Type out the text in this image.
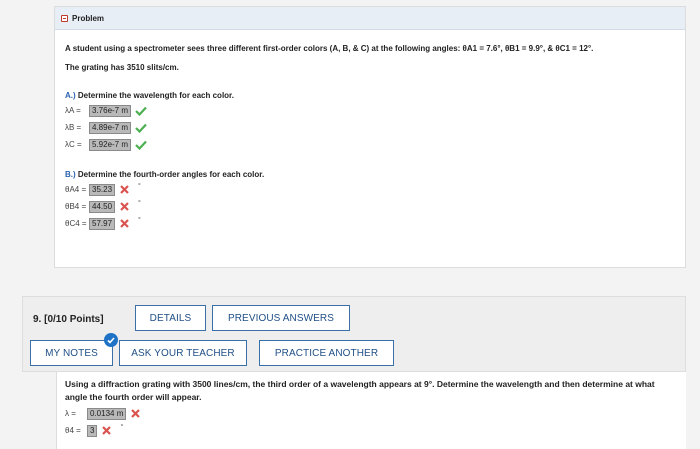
Problem
A student using a spectrometer sees three different first-order colors (A, B, & C) at the following angles: θA1 = 7.6°, θB1 = 9.9°, & θC1 = 12°.
The grating has 3510 slits/cm.
A.) Determine the wavelength for each color.
λA =	3.76e-7 m
λB =	4.89e-7 m
λC =	5.92e-7 m
B.) Determine the fourth-order angles for each color.
θA4 = 35.23	°
θB4 = 44.50	°
θC4 = 57.97	°
9. [0/10 Points]	DETAILS	PREVIOUS ANSWERS
MY NOTES	ASK YOUR TEACHER	PRACTICE ANOTHER
Using a diffraction grating with 3500 lines/cm, the third order of a wavelength appears at 9°. Determine the wavelength and then determine at what angle the fourth order will appear.
λ =	0.0134 m
θ4 =	3	°
